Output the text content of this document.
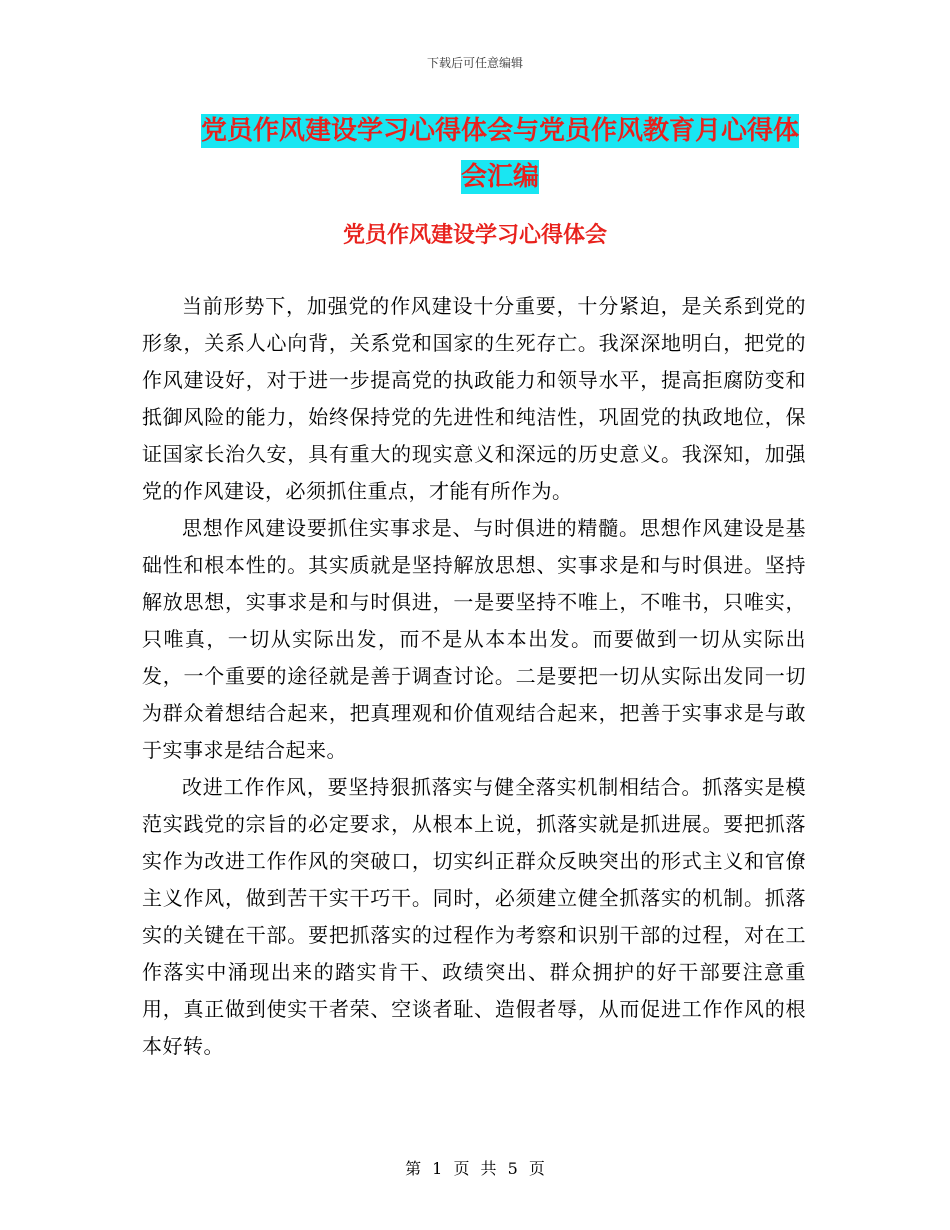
下载后可任意编辑
党员作风建设学习心得体会与党员作风教育月心得体
会汇编
党员作风建设学习心得体会

当前形势下，加强党的作风建设十分重要，十分紧迫，是关系到党的形象，关系人心向背，关系党和国家的生死存亡。我深深地明白，把党的作风建设好，对于进一步提高党的执政能力和领导水平，提高拒腐防变和抵御风险的能力，始终保持党的先进性和纯洁性，巩固党的执政地位，保证国家长治久安，具有重大的现实意义和深远的历史意义。我深知，加强党的作风建设，必须抓住重点，才能有所作为。

思想作风建设要抓住实事求是、与时俱进的精髓。思想作风建设是基础性和根本性的。其实质就是坚持解放思想、实事求是和与时俱进。坚持解放思想，实事求是和与时俱进，一是要坚持不唯上，不唯书，只唯实，只唯真，一切从实际出发，而不是从本本出发。而要做到一切从实际出发，一个重要的途径就是善于调查讨论。二是要把一切从实际出发同一切为群众着想结合起来，把真理观和价值观结合起来，把善于实事求是与敢于实事求是结合起来。

改进工作作风，要坚持狠抓落实与健全落实机制相结合。抓落实是模范实践党的宗旨的必定要求，从根本上说，抓落实就是抓进展。要把抓落实作为改进工作作风的突破口，切实纠正群众反映突出的形式主义和官僚主义作风，做到苦干实干巧干。同时，必须建立健全抓落实的机制。抓落实的关键在干部。要把抓落实的过程作为考察和识别干部的过程，对在工作落实中涌现出来的踏实肯干、政绩突出、群众拥护的好干部要注意重用，真正做到使实干者荣、空谈者耻、造假者辱，从而促进工作作风的根本好转。

第 1 页 共 5 页
